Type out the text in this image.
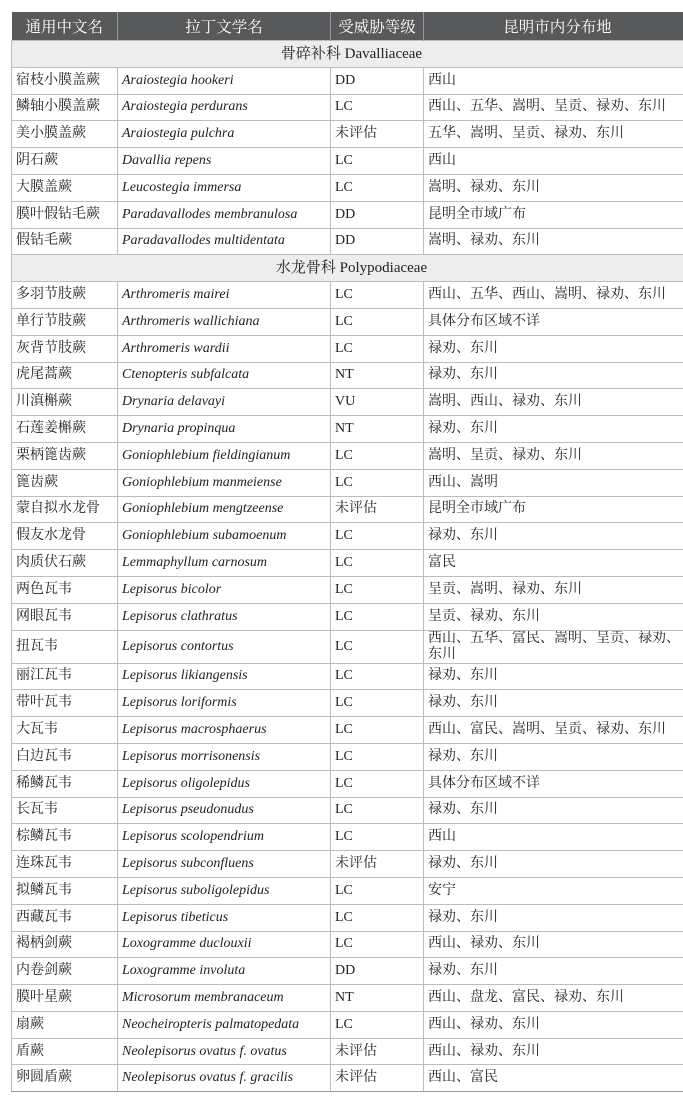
通用中文名	拉丁文学名	受威胁等级	昆明市内分布地
骨碎补科 Davalliaceae			
宿枝小膜盖蕨	Araiostegia hookeri	DD	西山
鳞轴小膜盖蕨	Araiostegia perdurans	LC	西山、五华、嵩明、呈贡、禄劝、东川
美小膜盖蕨	Araiostegia pulchra	未评估	五华、嵩明、呈贡、禄劝、东川
阴石蕨	Davallia repens	LC	西山
大膜盖蕨	Leucostegia immersa	LC	嵩明、禄劝、东川
膜叶假钻毛蕨	Paradavallodes membranulosa	DD	昆明全市域广布
假钻毛蕨	Paradavallodes multidentata	DD	嵩明、禄劝、东川
水龙骨科 Polypodiaceae			
多羽节肢蕨	Arthromeris mairei	LC	西山、五华、西山、嵩明、禄劝、东川
单行节肢蕨	Arthromeris wallichiana	LC	具体分布区域不详
灰背节肢蕨	Arthromeris wardii	LC	禄劝、东川
虎尾蒿蕨	Ctenopteris subfalcata	NT	禄劝、东川
川滇槲蕨	Drynaria delavayi	VU	嵩明、西山、禄劝、东川
石莲姜槲蕨	Drynaria propinqua	NT	禄劝、东川
栗柄篦齿蕨	Goniophlebium fieldingianum	LC	嵩明、呈贡、禄劝、东川
篦齿蕨	Goniophlebium manmeiense	LC	西山、嵩明
蒙自拟水龙骨	Goniophlebium mengtzeense	未评估	昆明全市域广布
假友水龙骨	Goniophlebium subamoenum	LC	禄劝、东川
肉质伏石蕨	Lemmaphyllum carnosum	LC	富民
两色瓦韦	Lepisorus bicolor	LC	呈贡、嵩明、禄劝、东川
网眼瓦韦	Lepisorus clathratus	LC	呈贡、禄劝、东川
扭瓦韦	Lepisorus contortus	LC	西山、五华、富民、嵩明、呈贡、禄劝、东川
丽江瓦韦	Lepisorus likiangensis	LC	禄劝、东川
带叶瓦韦	Lepisorus loriformis	LC	禄劝、东川
大瓦韦	Lepisorus macrosphaerus	LC	西山、富民、嵩明、呈贡、禄劝、东川
白边瓦韦	Lepisorus morrisonensis	LC	禄劝、东川
稀鳞瓦韦	Lepisorus oligolepidus	LC	具体分布区域不详
长瓦韦	Lepisorus pseudonudus	LC	禄劝、东川
棕鳞瓦韦	Lepisorus scolopendrium	LC	西山
连珠瓦韦	Lepisorus subconfluens	未评估	禄劝、东川
拟鳞瓦韦	Lepisorus suboligolepidus	LC	安宁
西藏瓦韦	Lepisorus tibeticus	LC	禄劝、东川
褐柄剑蕨	Loxogramme duclouxii	LC	西山、禄劝、东川
内卷剑蕨	Loxogramme involuta	DD	禄劝、东川
膜叶星蕨	Microsorum membranaceum	NT	西山、盘龙、富民、禄劝、东川
扇蕨	Neocheiropteris palmatopedata	LC	西山、禄劝、东川
盾蕨	Neolepisorus ovatus f. ovatus	未评估	西山、禄劝、东川
卵圆盾蕨	Neolepisorus ovatus f. gracilis	未评估	西山、富民
